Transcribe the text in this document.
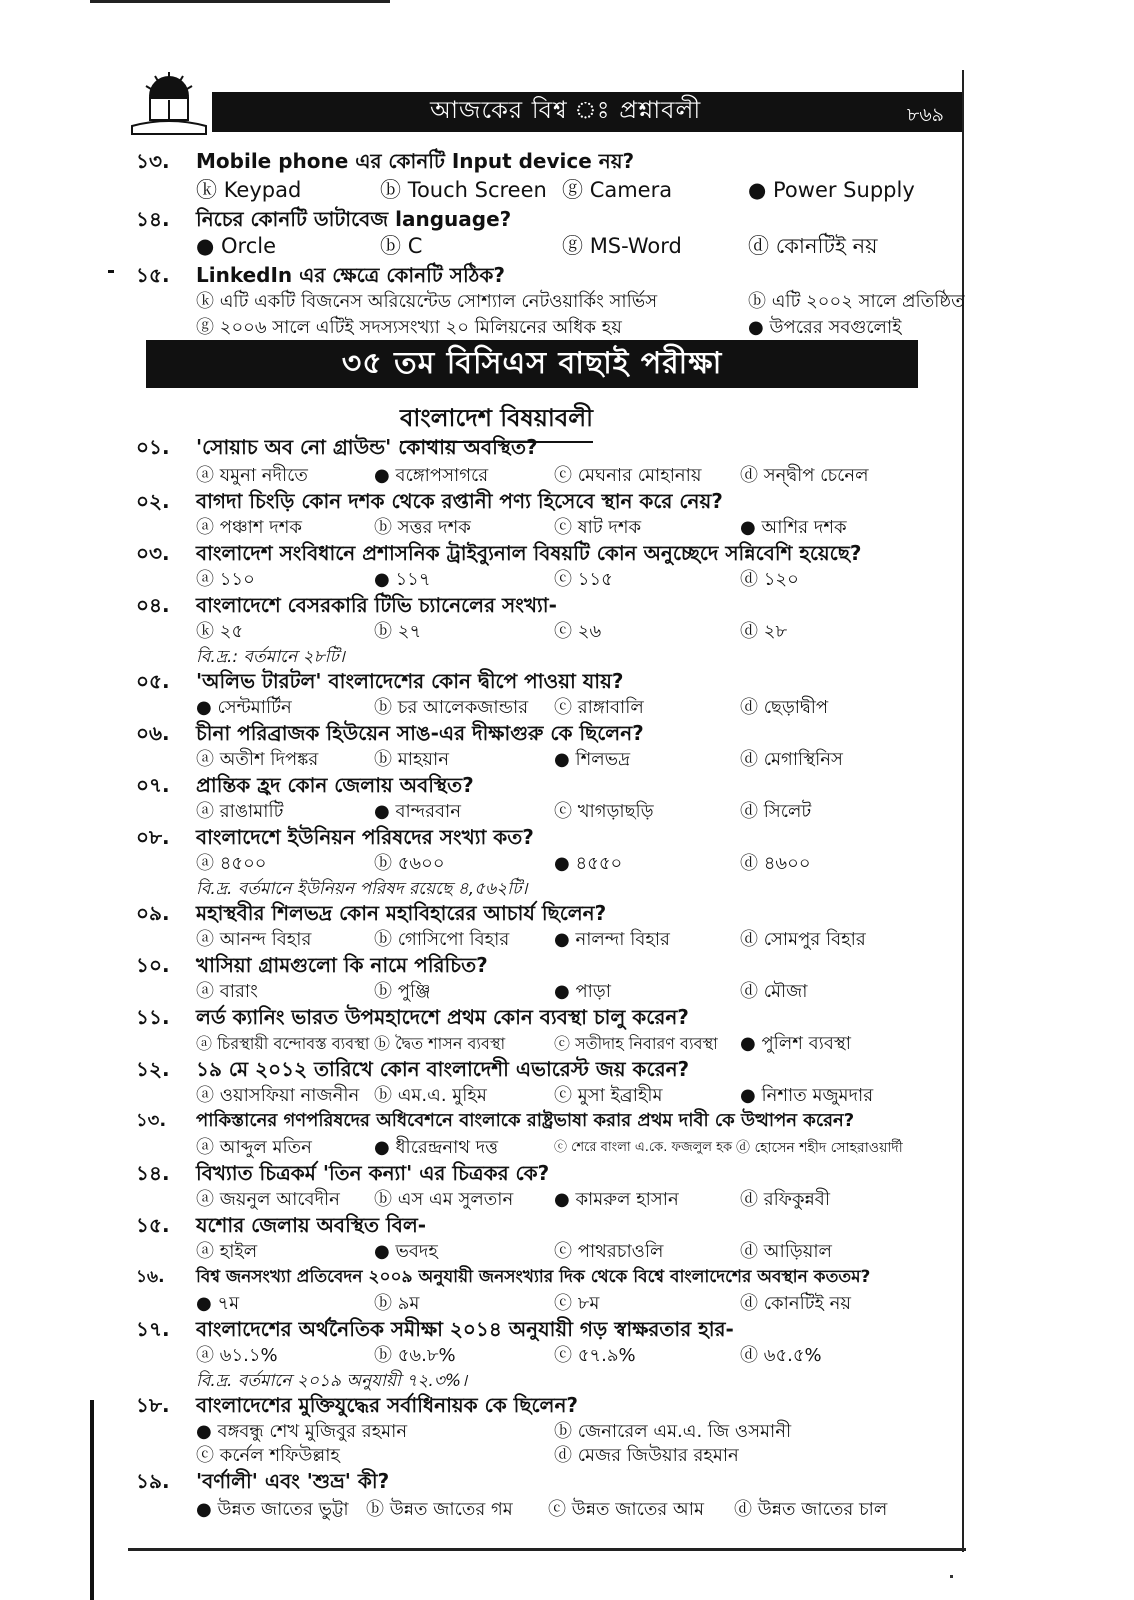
আজকের বিশ্ব ঃ প্রশ্নাবলী	৮৬৯
১৩.	Mobile phone এর কোনটি Input device নয়?
ⓚ Keypad	ⓑ Touch Screen ⓖ Camera	● Power Supply
১৪.	নিচের কোনটি ডাটাবেজ language?
● Orcle	ⓑ C	ⓖ MS-Word	ⓓ কোনটিই নয়
১৫.	LinkedIn এর ক্ষেত্রে কোনটি সঠিক?
ⓚ এটি একটি বিজনেস অরিয়েন্টেড সোশ্যাল নেটওয়ার্কিং সার্ভিস	ⓑ এটি ২০০২ সালে প্রতিষ্ঠিত
ⓖ ২০০৬ সালে এটিই সদস্যসংখ্যা ২০ মিলিয়নের অধিক হয়	● উপরের সবগুলোই
৩৫ তম বিসিএস বাছাই পরীক্ষা
বাংলাদেশ বিষয়াবলী
০১.	'সোয়াচ অব নো গ্রাউন্ড' কোথায় অবস্থিত?
ⓐ যমুনা নদীতে	● বঙ্গোপসাগরে	ⓒ মেঘনার মোহানায় ⓓ সন্দ্বীপ চেনেল
০২.	বাগদা চিংড়ি কোন দশক থেকে রপ্তানী পণ্য হিসেবে স্থান করে নেয়?
ⓐ পঞ্চাশ দশক	ⓑ সত্তর দশক	ⓒ ষাট দশক	● আশির দশক
০৩.	বাংলাদেশ সংবিধানে প্রশাসনিক ট্রাইব্যুনাল বিষয়টি কোন অনুচ্ছেদে সন্নিবেশি হয়েছে?
ⓐ ১১০	● ১১৭	ⓒ ১১৫	ⓓ ১২০
০৪.	বাংলাদেশে বেসরকারি টিভি চ্যানেলের সংখ্যা-
ⓚ ২৫	ⓑ ২৭	ⓒ ২৬	ⓓ ২৮
বি.দ্র.: বর্তমানে ২৮টি।
০৫.	'অলিভ টারটল' বাংলাদেশের কোন দ্বীপে পাওয়া যায়?
● সেন্টমার্টিন	ⓑ চর আলেকজান্ডার ⓒ রাঙ্গাবালি	ⓓ ছেড়াদ্বীপ
০৬.	চীনা পরিব্রাজক হিউয়েন সাঙ-এর দীক্ষাগুরু কে ছিলেন?
ⓐ অতীশ দিপঙ্কর	ⓑ মাহয়ান	● শিলভদ্র	ⓓ মেগাস্থিনিস
০৭.	প্রান্তিক হ্রদ কোন জেলায় অবস্থিত?
ⓐ রাঙামাটি	● বান্দরবান	ⓒ খাগড়াছড়ি	ⓓ সিলেট
০৮.	বাংলাদেশে ইউনিয়ন পরিষদের সংখ্যা কত?
ⓐ ৪৫০০	ⓑ ৫৬০০	● ৪৫৫০	ⓓ ৪৬০০
বি.দ্র. বর্তমানে ইউনিয়ন পরিষদ রয়েছে ৪,৫৬২টি।
০৯.	মহাস্থবীর শিলভদ্র কোন মহাবিহারের আচার্য ছিলেন?
ⓐ আনন্দ বিহার	ⓑ গোসিপো বিহার ● নালন্দা বিহার	ⓓ সোমপুর বিহার
১০.	খাসিয়া গ্রামগুলো কি নামে পরিচিত?
ⓐ বারাং	ⓑ পুঞ্জি	● পাড়া	ⓓ মৌজা
১১.	লর্ড ক্যানিং ভারত উপমহাদেশে প্রথম কোন ব্যবস্থা চালু করেন?
ⓐ চিরস্থায়ী বন্দোবস্ত ব্যবস্থা ⓑ দ্বৈত শাসন ব্যবস্থা	ⓒ সতীদাহ নিবারণ ব্যবস্থা ● পুলিশ ব্যবস্থা
১২.	১৯ মে ২০১২ তারিখে কোন বাংলাদেশী এভারেস্ট জয় করেন?
ⓐ ওয়াসফিয়া নাজনীন ⓑ এম.এ. মুহিম	ⓒ মুসা ইব্রাহীম	● নিশাত মজুমদার
১৩.	পাকিস্তানের গণপরিষদের অধিবেশনে বাংলাকে রাষ্ট্রভাষা করার প্রথম দাবী কে উত্থাপন করেন?
ⓐ আব্দুল মতিন	● ধীরেন্দ্রনাথ দত্ত	ⓒ শেরে বাংলা এ.কে. ফজলুল হক ⓓ হোসেন শহীদ সোহরাওয়ার্দী
১৪.	বিখ্যাত চিত্রকর্ম 'তিন কন্যা' এর চিত্রকর কে?
ⓐ জয়নুল আবেদীন ⓑ এস এম সুলতান ● কামরুল হাসান	ⓓ রফিকুন্নবী
১৫.	যশোর জেলায় অবস্থিত বিল-
ⓐ হাইল	● ভবদহ	ⓒ পাথরচাওলি	ⓓ আড়িয়াল
১৬.	বিশ্ব জনসংখ্যা প্রতিবেদন ২০০৯ অনুযায়ী জনসংখ্যার দিক থেকে বিশ্বে বাংলাদেশের অবস্থান কততম?
● ৭ম	ⓑ ৯ম	ⓒ ৮ম	ⓓ কোনটিই নয়
১৭.	বাংলাদেশের অর্থনৈতিক সমীক্ষা ২০১৪ অনুযায়ী গড় স্বাক্ষরতার হার-
ⓐ ৬১.১%	ⓑ ৫৬.৮%	ⓒ ৫৭.৯%	ⓓ ৬৫.৫%
বি.দ্র. বর্তমানে ২০১৯ অনুযায়ী ৭২.৩%।
১৮.	বাংলাদেশের মুক্তিযুদ্ধের সর্বাধিনায়ক কে ছিলেন?
● বঙ্গবন্ধু শেখ মুজিবুর রহমান	ⓑ জেনারেল এম.এ. জি ওসমানী
ⓒ কর্নেল শফিউল্লাহ	ⓓ মেজর জিউয়ার রহমান
১৯.	'বর্ণালী' এবং 'শুভ্র' কী?
● উন্নত জাতের ভুট্টা ⓑ উন্নত জাতের গম ⓒ উন্নত জাতের আম ⓓ উন্নত জাতের চাল
